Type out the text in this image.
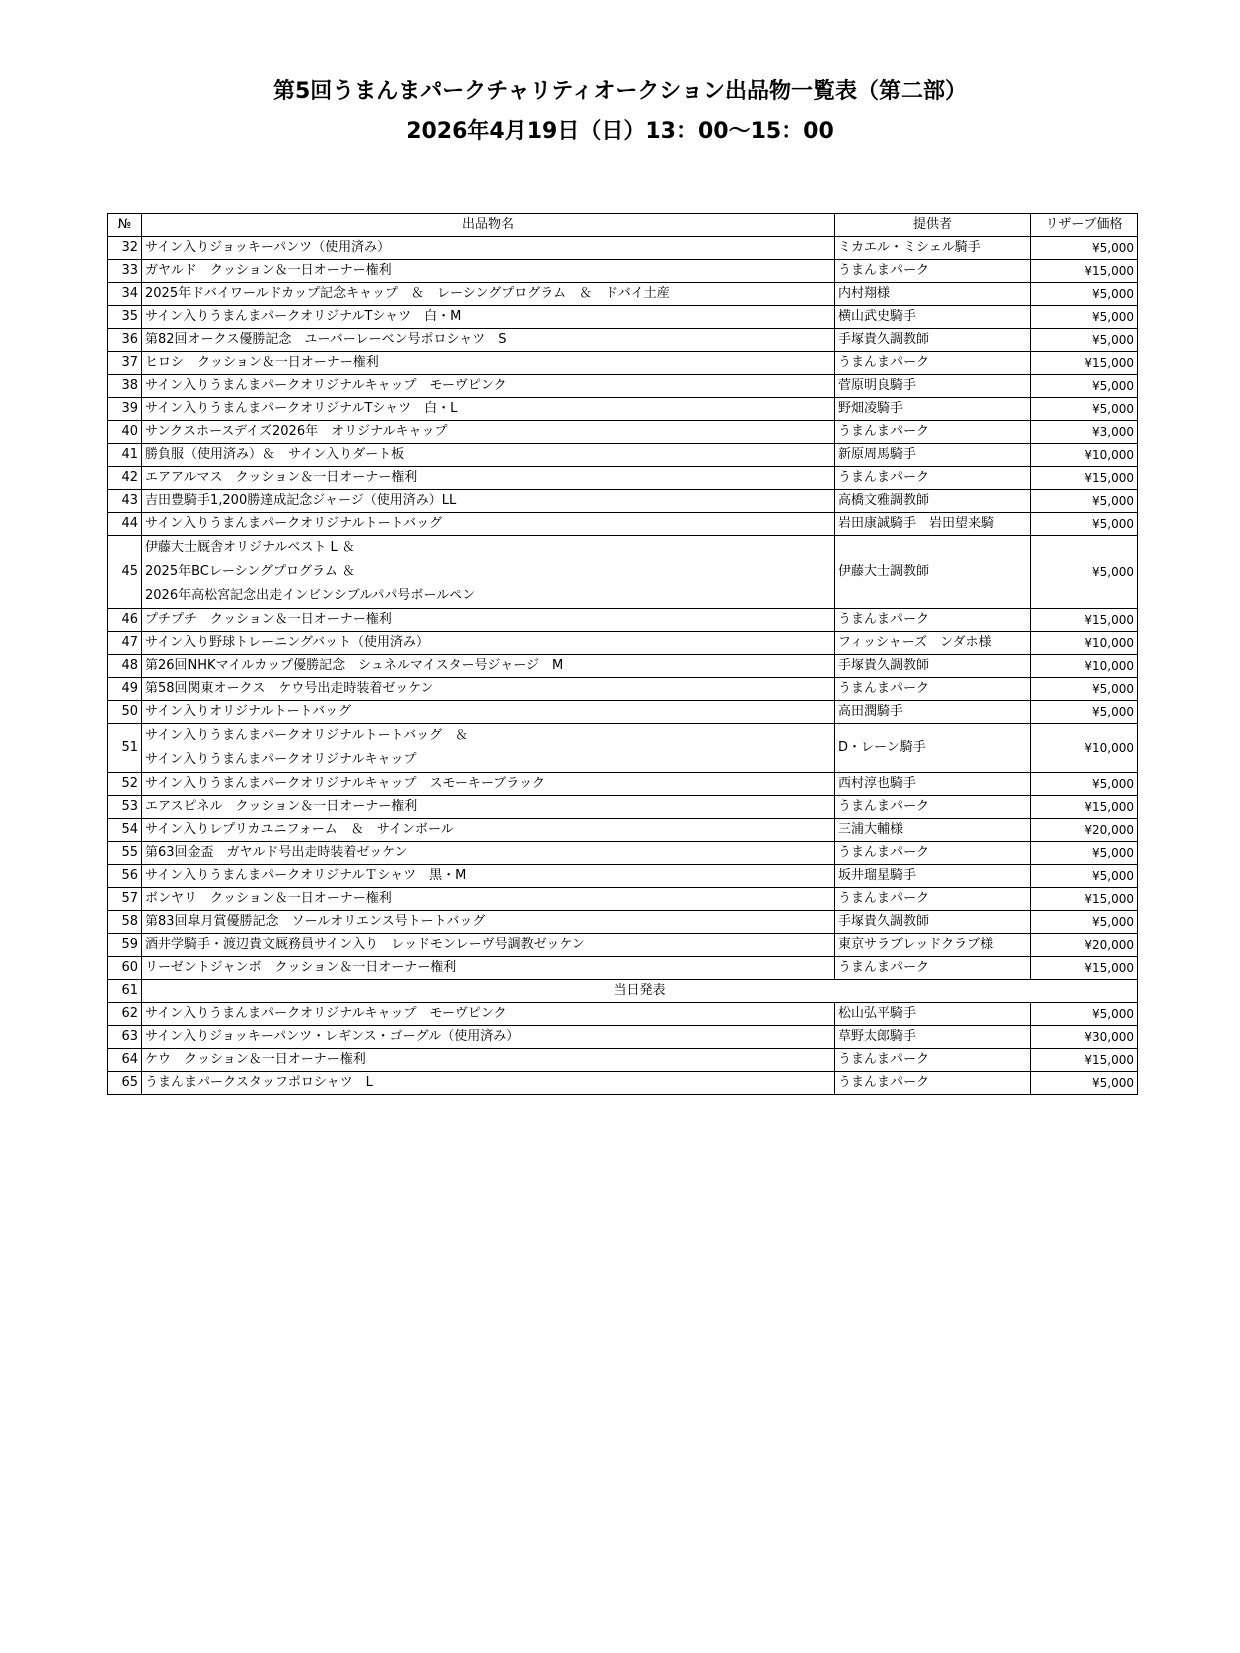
第5回うまんまパークチャリティオークション出品物一覧表（第二部）
2026年4月19日（日）13：00～15：00
№	出品物名	提供者	リザーブ価格
32	サイン入りジョッキーパンツ（使用済み）	ミカエル・ミシェル騎手	¥5,000
33	ガヤルド　クッション＆一日オーナー権利	うまんまパーク	¥15,000
34	2025年ドバイワールドカップ記念キャップ　＆　レーシングプログラム　＆　ドバイ土産	内村翔様	¥5,000
35	サイン入りうまんまパークオリジナルTシャツ　白・M	横山武史騎手	¥5,000
36	第82回オークス優勝記念　ユーバーレーベン号ポロシャツ　S	手塚貴久調教師	¥5,000
37	ヒロシ　クッション＆一日オーナー権利	うまんまパーク	¥15,000
38	サイン入りうまんまパークオリジナルキャップ　モーヴピンク	菅原明良騎手	¥5,000
39	サイン入りうまんまパークオリジナルTシャツ　白・L	野畑凌騎手	¥5,000
40	サンクスホースデイズ2026年　オリジナルキャップ	うまんまパーク	¥3,000
41	勝負服（使用済み）＆　サイン入りダート板	新原周馬騎手	¥10,000
42	エアアルマス　クッション＆一日オーナー権利	うまんまパーク	¥15,000
43	吉田豊騎手1,200勝達成記念ジャージ（使用済み）LL	高橋文雅調教師	¥5,000
44	サイン入りうまんまパークオリジナルトートバッグ	岩田康誠騎手　岩田望来騎	¥5,000
45	伊藤大士厩舎オリジナルベスト L ＆
2025年BCレーシングプログラム ＆
2026年高松宮記念出走インビンシブルパパ号ボールペン	伊藤大士調教師	¥5,000
46	プチプチ　クッション＆一日オーナー権利	うまんまパーク	¥15,000
47	サイン入り野球トレーニングバット（使用済み）	フィッシャーズ　ンダホ様	¥10,000
48	第26回NHKマイルカップ優勝記念　シュネルマイスター号ジャージ　M	手塚貴久調教師	¥10,000
49	第58回関東オークス　ケウ号出走時装着ゼッケン	うまんまパーク	¥5,000
50	サイン入りオリジナルトートバッグ	高田潤騎手	¥5,000
51	サイン入りうまんまパークオリジナルトートバッグ　＆
サイン入りうまんまパークオリジナルキャップ	D・レーン騎手	¥10,000
52	サイン入りうまんまパークオリジナルキャップ　スモーキーブラック	西村淳也騎手	¥5,000
53	エアスピネル　クッション＆一日オーナー権利	うまんまパーク	¥15,000
54	サイン入りレプリカユニフォーム　＆　サインボール	三浦大輔様	¥20,000
55	第63回金盃　ガヤルド号出走時装着ゼッケン	うまんまパーク	¥5,000
56	サイン入りうまんまパークオリジナルＴシャツ　黒・M	坂井瑠星騎手	¥5,000
57	ボンヤリ　クッション＆一日オーナー権利	うまんまパーク	¥15,000
58	第83回皐月賞優勝記念　ソールオリエンス号トートバッグ	手塚貴久調教師	¥5,000
59	酒井学騎手・渡辺貴文厩務員サイン入り　レッドモンレーヴ号調教ゼッケン	東京サラブレッドクラブ様	¥20,000
60	リーゼントジャンボ　クッション＆一日オーナー権利	うまんまパーク	¥15,000
61	当日発表		
62	サイン入りうまんまパークオリジナルキャップ　モーヴピンク	松山弘平騎手	¥5,000
63	サイン入りジョッキーパンツ・レギンス・ゴーグル（使用済み）	草野太郎騎手	¥30,000
64	ケウ　クッション＆一日オーナー権利	うまんまパーク	¥15,000
65	うまんまパークスタッフポロシャツ　L	うまんまパーク	¥5,000
